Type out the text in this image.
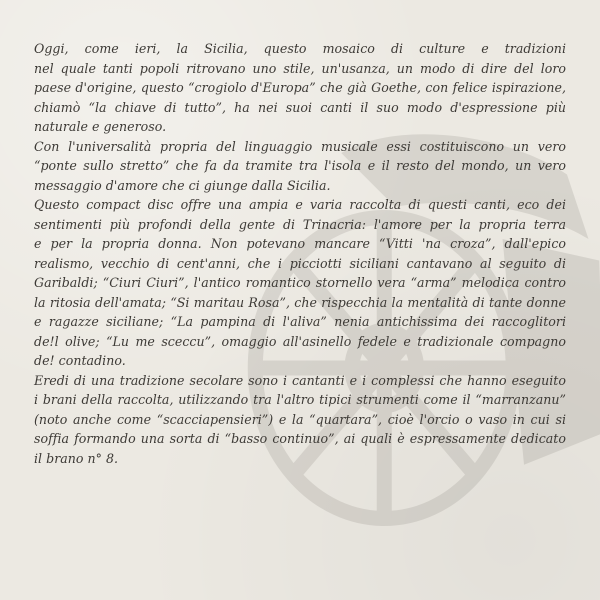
Oggi, come ieri, la Sicilia, questo mosaico di culture e tradizioni
nel quale tanti popoli ritrovano uno stile, un'usanza, un modo di dire del loro
paese d'origine, questo “crogiolo d'Europa” che già Goethe, con felice ispirazione,
chiamò “la chiave di tutto”, ha nei suoi canti il suo modo d'espressione più
naturale e generoso.
Con l'universalità propria del linguaggio musicale essi costituiscono un vero
“ponte sullo stretto” che fa da tramite tra l'isola e il resto del mondo, un vero
messaggio d'amore che ci giunge dalla Sicilia.
Questo compact disc offre una ampia e varia raccolta di questi canti, eco dei
sentimenti più profondi della gente di Trinacria: l'amore per la propria terra
e per la propria donna. Non potevano mancare “Vitti 'na croza”, dall'epico
realismo, vecchio di cent'anni, che i picciotti siciliani cantavano al seguito di
Garibaldi; “Ciuri Ciuri”, l'antico romantico stornello vera “arma” melodica contro
la ritosia dell'amata; “Si maritau Rosa”, che rispecchia la mentalità di tante donne
e ragazze siciliane; “La pampina di l'aliva” nenia antichissima dei raccoglitori
de!l olive; “Lu me sceccu”, omaggio all'asinello fedele e tradizionale compagno
de! contadino.
Eredi di una tradizione secolare sono i cantanti e i complessi che hanno eseguito
i brani della raccolta, utilizzando tra l'altro tipici strumenti come il “marranzanu”
(noto anche come “scacciapensieri”) e la “quartara”, cioè l'orcio o vaso in cui si
soffia formando una sorta di “basso continuo”, ai quali è espressamente dedicato
il brano n° 8.
